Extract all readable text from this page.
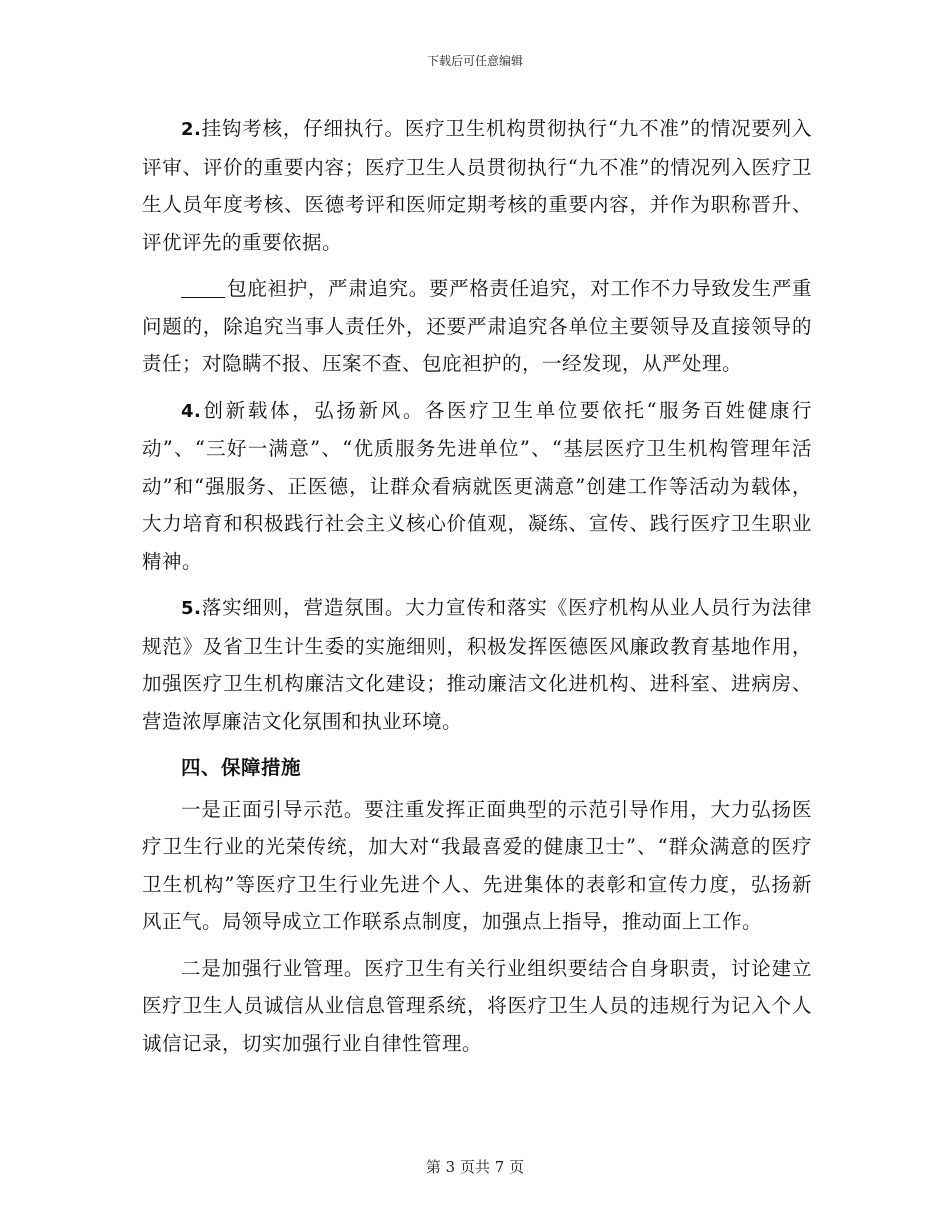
下载后可任意编辑

2.挂钩考核，仔细执行。医疗卫生机构贯彻执行“九不准”的情况要列入评审、评价的重要内容；医疗卫生人员贯彻执行“九不准”的情况列入医疗卫生人员年度考核、医德考评和医师定期考核的重要内容，并作为职称晋升、评优评先的重要依据。

包庇袒护，严肃追究。要严格责任追究，对工作不力导致发生严重问题的，除追究当事人责任外，还要严肃追究各单位主要领导及直接领导的责任；对隐瞒不报、压案不查、包庇袒护的，一经发现，从严处理。

4.创新载体，弘扬新风。各医疗卫生单位要依托“服务百姓健康行动”、“三好一满意”、“优质服务先进单位”、“基层医疗卫生机构管理年活动”和“强服务、正医德，让群众看病就医更满意”创建工作等活动为载体，大力培育和积极践行社会主义核心价值观，凝练、宣传、践行医疗卫生职业精神。

5.落实细则，营造氛围。大力宣传和落实《医疗机构从业人员行为法律规范》及省卫生计生委的实施细则，积极发挥医德医风廉政教育基地作用，加强医疗卫生机构廉洁文化建设；推动廉洁文化进机构、进科室、进病房、营造浓厚廉洁文化氛围和执业环境。

四、保障措施

一是正面引导示范。要注重发挥正面典型的示范引导作用，大力弘扬医疗卫生行业的光荣传统，加大对“我最喜爱的健康卫士”、“群众满意的医疗卫生机构”等医疗卫生行业先进个人、先进集体的表彰和宣传力度，弘扬新风正气。局领导成立工作联系点制度，加强点上指导，推动面上工作。

二是加强行业管理。医疗卫生有关行业组织要结合自身职责，讨论建立医疗卫生人员诚信从业信息管理系统，将医疗卫生人员的违规行为记入个人诚信记录，切实加强行业自律性管理。

第 3 页共 7 页
